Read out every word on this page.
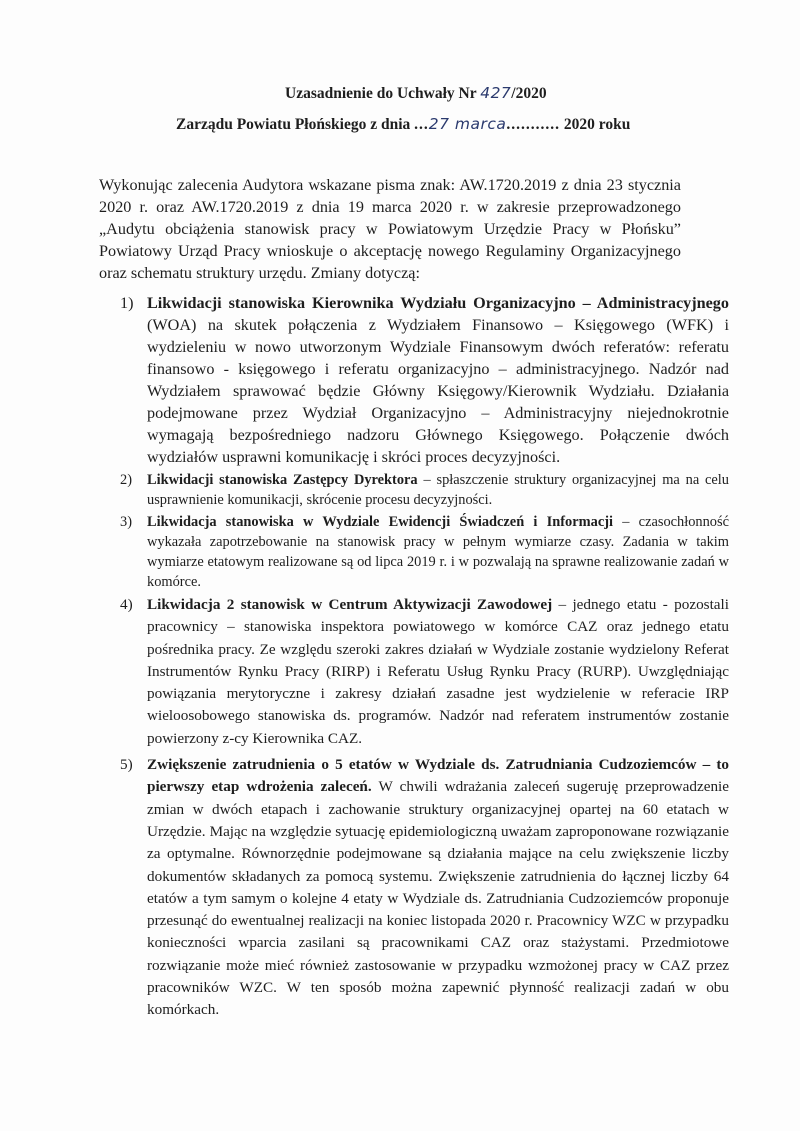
Uzasadnienie do Uchwały Nr 427/2020
Zarządu Powiatu Płońskiego z dnia ...27 marca........... 2020 roku
Wykonując zalecenia Audytora wskazane pisma znak: AW.1720.2019 z dnia 23 stycznia 2020 r. oraz AW.1720.2019 z dnia 19 marca 2020 r. w zakresie przeprowadzonego „Audytu obciążenia stanowisk pracy w Powiatowym Urzędzie Pracy w Płońsku” Powiatowy Urząd Pracy wnioskuje o akceptację nowego Regulaminy Organizacyjnego oraz schematu struktury urzędu. Zmiany dotyczą:
1) Likwidacji stanowiska Kierownika Wydziału Organizacyjno – Administracyjnego (WOA) na skutek połączenia z Wydziałem Finansowo – Księgowego (WFK) i wydzieleniu w nowo utworzonym Wydziale Finansowym dwóch referatów: referatu finansowo - księgowego i referatu organizacyjno – administracyjnego. Nadzór nad Wydziałem sprawować będzie Główny Księgowy/Kierownik Wydziału. Działania podejmowane przez Wydział Organizacyjno – Administracyjny niejednokrotnie wymagają bezpośredniego nadzoru Głównego Księgowego. Połączenie dwóch wydziałów usprawni komunikację i skróci proces decyzyjności.
2) Likwidacji stanowiska Zastępcy Dyrektora – spłaszczenie struktury organizacyjnej ma na celu usprawnienie komunikacji, skrócenie procesu decyzyjności.
3) Likwidacja stanowiska w Wydziale Ewidencji Świadczeń i Informacji – czasochłonność wykazała zapotrzebowanie na stanowisk pracy w pełnym wymiarze czasy. Zadania w takim wymiarze etatowym realizowane są od lipca 2019 r. i w pozwalają na sprawne realizowanie zadań w komórce.
4) Likwidacja 2 stanowisk w Centrum Aktywizacji Zawodowej – jednego etatu - pozostali pracownicy – stanowiska inspektora powiatowego w komórce CAZ oraz jednego etatu pośrednika pracy. Ze względu szeroki zakres działań w Wydziale zostanie wydzielony Referat Instrumentów Rynku Pracy (RIRP) i Referatu Usług Rynku Pracy (RURP). Uwzględniając powiązania merytoryczne i zakresy działań zasadne jest wydzielenie w referacie IRP wieloosobowego stanowiska ds. programów. Nadzór nad referatem instrumentów zostanie powierzony z-cy Kierownika CAZ.
5) Zwiększenie zatrudnienia o 5 etatów w Wydziale ds. Zatrudniania Cudzoziemców – to pierwszy etap wdrożenia zaleceń. W chwili wdrażania zaleceń sugeruję przeprowadzenie zmian w dwóch etapach i zachowanie struktury organizacyjnej opartej na 60 etatach w Urzędzie. Mając na względzie sytuację epidemiologiczną uważam zaproponowane rozwiązanie za optymalne. Równorzędnie podejmowane są działania mające na celu zwiększenie liczby dokumentów składanych za pomocą systemu. Zwiększenie zatrudnienia do łącznej liczby 64 etatów a tym samym o kolejne 4 etaty w Wydziale ds. Zatrudniania Cudzoziemców proponuje przesunąć do ewentualnej realizacji na koniec listopada 2020 r. Pracownicy WZC w przypadku konieczności wparcia zasilani są pracownikami CAZ oraz stażystami. Przedmiotowe rozwiązanie może mieć również zastosowanie w przypadku wzmożonej pracy w CAZ przez pracowników WZC. W ten sposób można zapewnić płynność realizacji zadań w obu komórkach.
